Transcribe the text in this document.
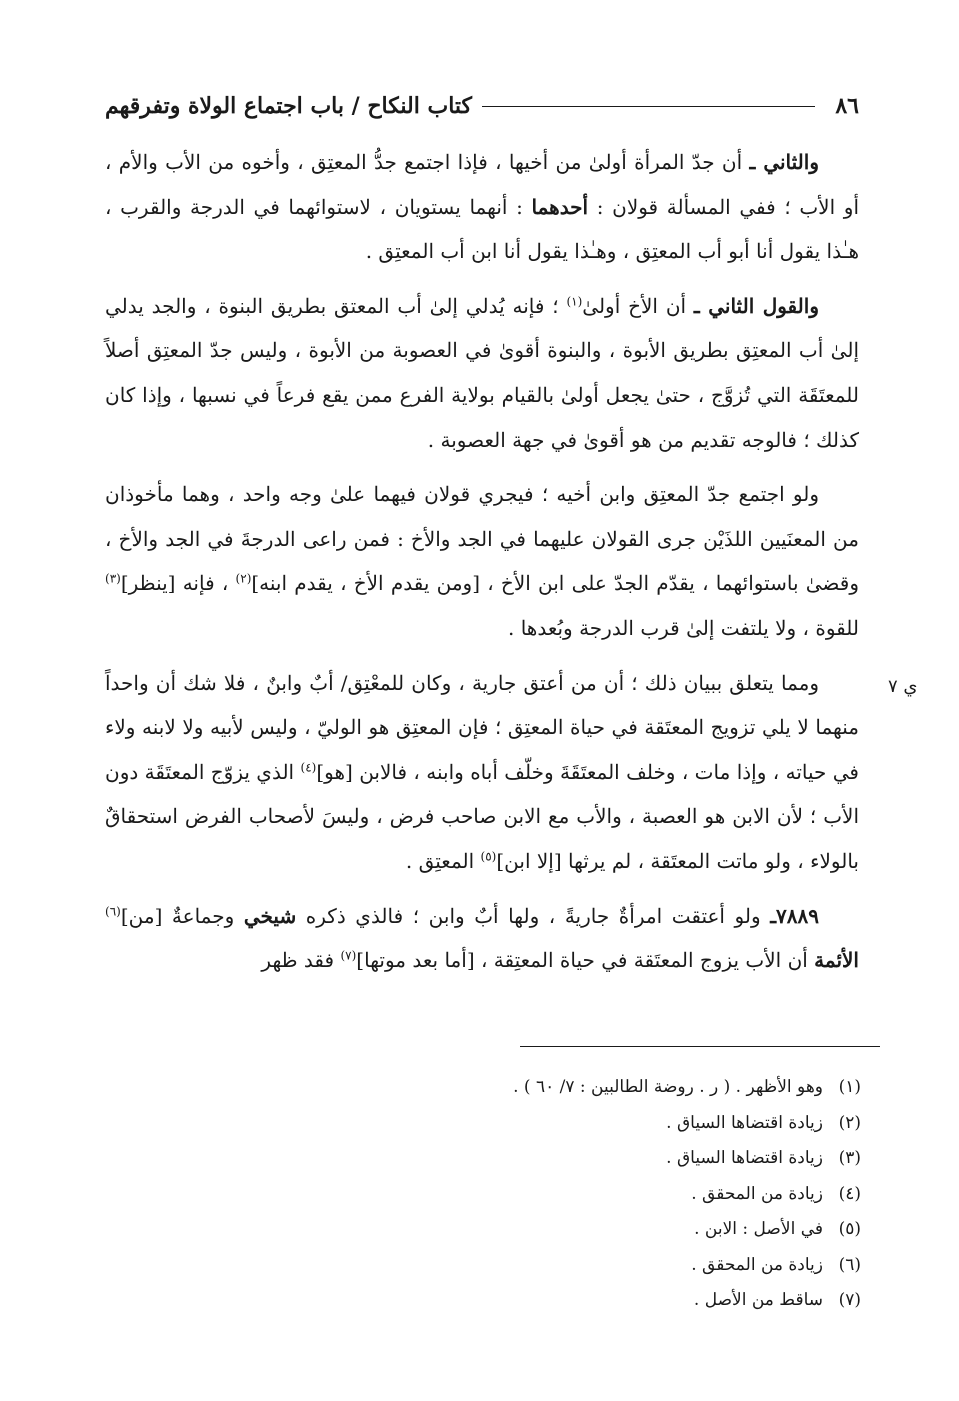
٨٦
كتاب النكاح / باب اجتماع الولاة وتفرقهم
ي ٧

والثاني ـ أن جدّ المرأة أولىٰ من أخيها ، فإذا اجتمع جدُّ المعتِق ، وأخوه من الأب والأم ، أو الأب ؛ ففي المسألة قولان : أحدهما : أنهما يستويان ، لاستوائهما في الدرجة والقرب ، هـٰذا يقول أنا أبو أب المعتِق ، وهـٰذا يقول أنا ابن أب المعتِق .

والقول الثاني ـ أن الأخ أولىٰ$^{(١)}$ ؛ فإنه يُدلي إلىٰ أب المعتق بطريق البنوة ، والجد يدلي إلىٰ أب المعتِق بطريق الأبوة ، والبنوة أقوىٰ في العصوبة من الأبوة ، وليس جدّ المعتِق أصلاً للمعتَقَة التي تُزوَّج ، حتىٰ يجعل أولىٰ بالقيام بولاية الفرع ممن يقع فرعاً في نسبها ، وإذا كان كذلك ؛ فالوجه تقديم من هو أقوىٰ في جهة العصوبة .

ولو اجتمع جدّ المعتِق وابن أخيه ؛ فيجري قولان فيهما علىٰ وجه واحد ، وهما مأخوذان من المعنَيين اللذَيْن جرى القولان عليهما في الجد والأخ : فمن راعى الدرجةَ في الجد والأخ ، وقضىٰ باستوائهما ، يقدّم الجدّ على ابن الأخ ، [ومن يقدم الأخ ، يقدم ابنه]$^{(٢)}$ ، فإنه [ينظر]$^{(٣)}$ للقوة ، ولا يلتفت إلىٰ قرب الدرجة وبُعدها .

ومما يتعلق ببيان ذلك ؛ أن من أعتق جارية ، وكان للمعْتِق/ أبٌ وابنٌ ، فلا شك أن واحداً منهما لا يلي تزويج المعتَقة في حياة المعتِق ؛ فإن المعتِق هو الوليّ ، وليس لأبيه ولا لابنه ولاء في حياته ، وإذا مات ، وخلف المعتَقَةَ وخلّف أباه وابنه ، فالابن [هو]$^{(٤)}$ الذي يزوّج المعتَقَة دون الأب ؛ لأن الابن هو العصبة ، والأب مع الابن صاحب فرض ، وليسَ لأصحاب الفرض استحقاقٌ بالولاء ، ولو ماتت المعتَقة ، لم يرثها [إلا ابن]$^{(٥)}$ المعتِق .

٧٨٨٩ـ ولو أعتقت امرأةٌ جاريةً ، ولها أبٌ وابن ؛ فالذي ذكره شيخي وجماعةٌ [من]$^{(٦)}$ الأئمة أن الأب يزوج المعتَقة في حياة المعتِقة ، [أما بعد موتها]$^{(٧)}$ فقد ظهر

(١)وهو الأظهر . ( ر . روضة الطالبين : ٧/ ٦٠ ) .
(٢)زيادة اقتضاها السياق .
(٣)زيادة اقتضاها السياق .
(٤)زيادة من المحقق .
(٥)في الأصل : الابن .
(٦)زيادة من المحقق .
(٧)ساقط من الأصل .
